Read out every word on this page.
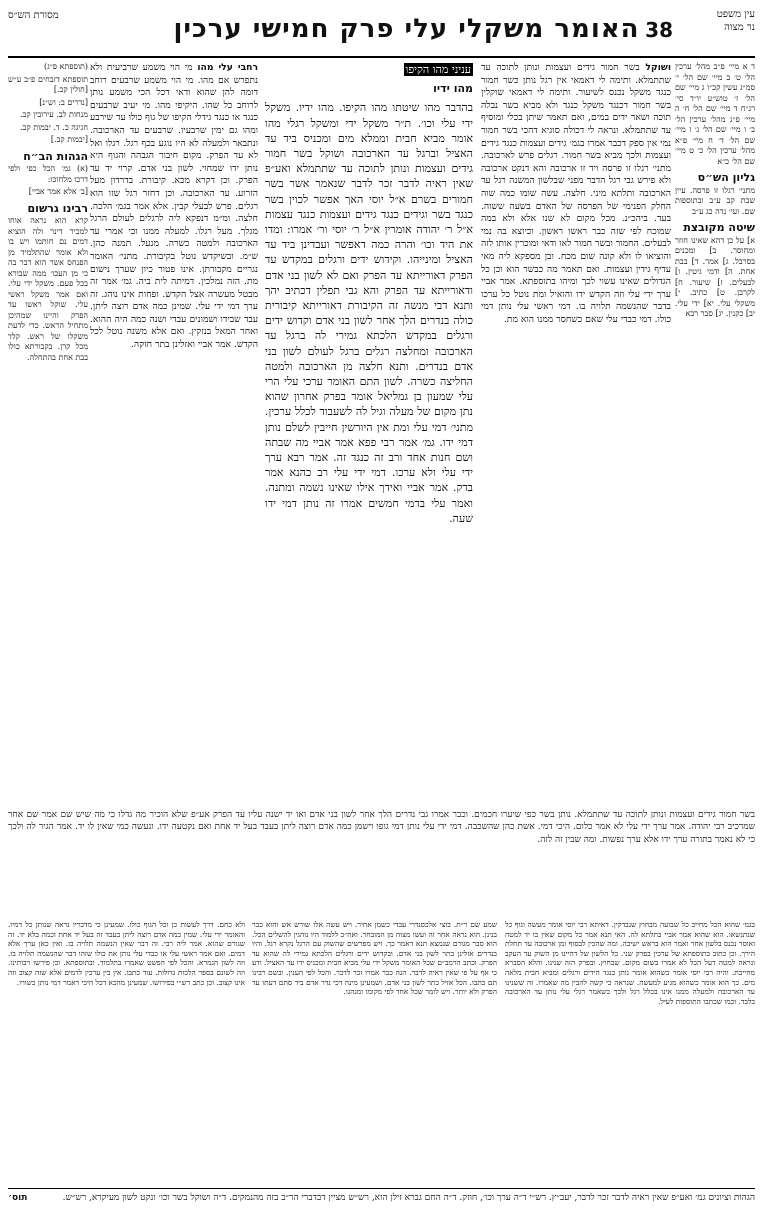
עין משפט
נר מצוה
38
האומר משקלי עלי פרק חמישי ערכין
מסורת הש״ס

ד א מיי׳ פ״ב מהל׳ ערכין הל׳ ט׳ ב מיי׳ שם הל׳ י׳ סמ״ג עשין קכ״ו ג מיי׳ שם הל׳ ז׳ טוש״ע יו״ד סי׳ רנ״ח ד מיי׳ שם הל׳ ח׳ ה מיי׳ פ״ג מהל׳ ערכין הל׳ ב׳ ו מיי׳ שם הל׳ ג׳ ז מיי׳ שם הל׳ ד׳ ח מיי׳ פ״א מהל׳ ערכין הל׳ כ׳ ט מיי׳ שם הל׳ כ״א

גליון הש״ס

מתני׳ רגלו זו פרסה. עיין שבת קב ע״ב ובתוספות שם. ועי׳ נדה כג ע״ב

שיטה מקובצת

א] על כן דהא שאינו חוזר ומחוסר. ב] ומכנים בסרבל. ג] אמר. ד] בבת אחת. ה] ודמי גיטין. ו] לבעלים. ז] שיעור. ח] לקרבן. ט] כתיב. י] משקלי עלי. יא] ידי עלי. יב] כקנין. יג] סבר רבא

ושוקל בשר חמור גידים ועצמות ונותן לתוכה עד שתתמלא. ותימה לי דאמאי אין רגל נותן כשר חמור כנגד משקל נכנס לשיעור. ותימה לי דאמאי שוקלין בשר חמור דכנגד משקל כנגד ולא מביא בשר נבלה תוכה ושאר ידים במים, ואם תאמר שיתן בכלי ומוסיף עד שתתמלא. ונראה לי דכולה סוגיא דהכי בשר חמור נמי אין ספק דכבר אמרו בגמ׳ גידים ועצמות כנגד גידים ועצמות ולכך מביא בשר חמור. רגלים פרש לארכובה. מתני׳ רגלו זו פרסה ויד זו ארכובה והא דנקט ארכובה ולא פירש גבי רגל הדבר מפני שבלשון המשנה רגל עד הארכובה ותלתא מיני. חלצה. עשה שומו כמה שוה החלק הפנימי של הפרסה של האדם בשעה ששוה. בעד. ביהכ״נ. מכל מקום לא שנו אלא ולא במה שמוכח לפי שזה כבר ראשו ראשון. וכיוצא בה נמי לבעלים. החמור ובשר חמור לאו ודאי ומוכרין אותו לזה והוציאו לו ולא קונה שום מכח. ובן מספקא ליה מאי עדיף גידין ועצמות. ואם תאמר מה כבשר הוא וכן כל הגדולים שאינו עשוי לכך ומיהו בתוספתא. אמר אביי ערך ידי עלי וזה הקדש ידו והואיל ומת נוטל כל ערכו בדבר שהנשמה תלויה בו. דמי ראשי עלי נותן דמי כולו. דמי כבדי עלי שאם כשחסר ממנו הוא מת.

עניני מהו הקיפו
מהו ידיו

בהדבר מהו שיטתו מהו הקיפו. מהו ידיו. משקל ידי עלי וכו׳. ת״ר משקל ידי ומשקל רגלי מהו אומר מביא חבית וממלא מים ומכניס ביד עד האציל וברגל עד הארכובה ושוקל בשר חמור גידים ועצמות ונותן לתוכה עד שתתמלא ואע״פ שאין ראיה לדבר זכר לדבר שנאמר אשר בשר חמורים בשרם א״ל יוסי האך אפשר לכוין בשר כנגד בשר וגידים כנגד גידים ועצמות כנגד עצמות א״ל ר׳ יהודה אומרין א״ל ר׳ יוסי ור׳ אמרו: ומדו את היד וכו׳ והרה כמה דאפשר ועבדינן ביד עד האציל ומינייהו. וקידוש ידים ורגלים במקדש עד הפרק דאורייתא עד הפרק ואם לא לשון בני אדם ודאורייתא עד הפרק והא גבי תפלין דכתיב יהך ותנא דבי מנשה זה הקיבורת דאורייתא קיבורית כולה בנדרים הלך אחר לשון בני אדם וקדוש ידים ורגלים במקדש הלכתא גמירי לה ברגל עד הארכובה ומחלצה רגלים ברגל לעולם לשון בני אדם בנדרים. ותנא חלצה מן הארכובה ולמטה החליצה כשרה. לשון התם האומר ערכי עלי הרי עלי שמעון בן גמליאל אומר בפרק אחרון שהוא נתן מקום של מעלה וגיל לה לשעבוד לכלל ערכין. מתני׳ דמי עלי ומת אין היורשין חייבין לשלם נותן דמי ידו. גמ׳ אמר רבי פפא אמר אביי מה שבתה ושם חנות אחד ורב זה כנגד זה. אמר רבא ערך ידי עלי ולא ערכו. דמי ידי עלי רב כהנא אמר בדק. אמר אביי ואידך אילו שאינו נשמה ומתנה. ואמר עלי בדמי חמשים אמרו זה נותן דמי ידו שעה.

רחבי עלי מהו מי הוי משמע שרביעית ולא נתפרש אם מהו. מי הוי משמע שרבעים רוחב דומה להן שהוא ודאי דכל הכי משמע נותן לרוחב כל שהו. היקיפי מהו. מי יעיב שרבעים כנגד או כנגד גידלי הקיפו של גוף כולו עד שירבע ומהו גם ימין שרבעיו. שרבעים עד הארכובה. ונתבאר ולמעלה לא היו נוגע בכף רגל. רגלו ואל לא עד הפרק. מקום חיבור הגבהה והגוף היא נותן ידו שמחוי. לשון בני אדם. קרוי יד עד הפרק. וכן דקרא מכא. קיבורת. בדרדון מעל הזרוע. עד הארכובה. וכן דחזר רגל שזו הוא רגלים. פרש לבעלי קבין. אלא אמר בגמ׳ הלכה. חלצה. ומ״מ דנפקא ליה לרגלים לעולם הרגל מגלך. מעל רגלו. למעלה ממנו וכי אמרי עד הארכובה ולמטה כשרה. מנעל. תמנה כהן. ש״מ. ובשיקדש נוטל בקיבורת. מתני׳ האומר נגריים מקבורתן. אינו פטור כיון שערך נישום מת. הזה נמלכין. דמיתה לית ביה. גמ׳ אמר זה מבטל מעשרה אצל הקדש. ופחות אינו נוהג. זה ערך דמי ידי עלי. שמינן כמה אדם רוצה ליתן. עבד שבידו ושמונים עבדי ושנה כמה היה ההוא. ואחר המאל בנזקין. ואם אלא משנה נוטל לכל הקדש. אמר אביי ואזלינן בתר חזקה.

(תוספתא פ״ג)

תוספתא דזבחים פ״ב ע״ש [חולין קכ.]

[נדרים ב: וש״נ]

מנחות לב. עירובין קב.

חגיגה כ. ד. יבמות קב.

[יבמות קב.]

הגהות הב״ח

(א) גמ׳ הכל כפי ולפי דרכו מלחוכו:

[ב׳ אלא אמר אביי]

רבינו גרשום

קרא הוא נראה אוחו למכיר דינר ולה הוציא דמים נם חותמו ויש בו ולא אומר שהתלמיד מן הפנחס אשר הוא דבר בה כי מן העכו׳ ממה שבורא בכל פעם. משקל ידי עלי. ואם אמר משקל ראשי עלי. שוקל ראשו עד הפרק והיינו שמהיכן מתחיל הראש. כדי לדעת משקלו של ראש. קלד מכל קרן. בקבורתא כולו בבת אחת בהתחלה.

בשר חמור גידים ועצמות ונותן לתוכה עד שתתמלא. נותן בשר כפי שיערו חכמים. וכבר אמרו גבי נדרים הלך אחר לשון בני אדם ואו יד ישנה עליו עד הפרק אע״פ שלא הוכיר מה גדלו כי מה שיש שם אמר שם אחר שמרכיב רבי יהודה. אמר ערך ידי עלי לא אמר כלום. היכי דמי. אשת כהן שהשכבה. דמי ידי עלי נותן דמי גופו וישמן כמה אדם רוצה ליתן בעבד בעל יד אחת ואם נקטעה ידו. ונעשה כמי שאין לו יד. אמר הגיר לה ולכך כי לא נאמר בתורה ערך ידו אלא ערך נפשות. ומה שבין זה לזה.

בגמ׳ שהוא הכל מחייב כל שבועה מבחוץ שנבדקין. דאיתא רבי יוסי אומר מעשה וגוף כל שנתנשאו. הוא שהוא אמר אביי בתלתא לה. האי תנא אמר כל מקום שאין בו יד למטה ואוסר נכנס בלשון אחר ואמר הוא בראש ישיבה. ומה שהכין לבסוף ומן ארכובה עד תחלת הירך. וכן כתוב בתוספתא של ערכין בפרק שני. כל הלשון של דהיינו מן השוק עד העקב ונראה למטה דעל הכל לא אמרו בשום מקום. שבחוץ. ובפרק הזה שנינו. והלא הסברא מחייבת. והיה רבי יוסי אומר כשהוא אומר נותן כנגד הידים ורגלים ומביא חבית מלאה מים. כך הוא אומר כשהוא מגיע למעשה. שנראה כי קשה להבין מה שאמרו. זה ששנינו עד הארכובה ולמעלה ממנו אינו בכלל רגל ולכך כשאמר רגלי עלי נותן עד הארכובה בלבד. וכמו שכתבו התוספות לעיל.
שמע שם ר״ת. בוצי אלכסנדרי עבדי כשמן אחיר. ויש עשה אלו שורש אש והוא כבר בנינן. הוא נראה אחר זה ועשו מצוה מן המובחר. ואח״כ ללמוד היו נוהגין להשלים הכל. הוא סבר מגורם שנמצא תנא דאמר כך. ויש מפרשים שהשוק עם הרגל נקרא רגל. והיו בנדרים אזלינן בתר לשון בני אדם. ובקדוש ידים ורגלים הלכתא גמירי לה שהוא עד הפרק. וכתב הרמב״ם שכל האומר משקל ידי עלי מביא חבית ומכניס ידו עד האציל. ודע כי אף על פי שאין ראיה לדבר. הנה כבר אמרו זכר לדבר. והכל לפי הענין. ובשם רבינו תם כתבו. הכל אזיל בתר לשון בני אדם. ושמעינן מינה דכי נדר אדם ביד סתם דעתו עד הפרק ולא יותר. ויש לומר שכל אחד לפי מקומו ומנהגו.
ולא כחם. דרך לעשות כן וכל הגוף כולו. שמעינן כי מדבריו נראה שנותן כל דמיו. והאומר ידי עלי. שמין כמה אדם רוצה ליתן בעבד זה בעל יד אחת וכמה בלא יד. זה שגורם שהוא. אמר ליה רבי. זה דבר שאין הנשמה תלויה בו. ואין כאן ערך אלא דמים. ואם אמר ראשי עלי או כבדי עלי נותן את כולו שזהו דבר שהנשמה תלויה בו. וזה לשון הגמרא. והכל לפי הפשט שאמרו בתלמוד. ובתוספתא. וכן פירשו רבותינו. וזה לשונם בספר הלכות גדולות. עוד כתבו. אין בין ערכין לדמים אלא שזה קצוב וזה אינו קצוב. וכן כתב רש״י בפירושו. שמעינן מהכא דכל היכי דאמר דמי נותן כשוויו.
הגהות וציונים גמ׳ ואע״פ שאין ראיה לדבר זכר לדבר, יעב״ץ. רש״י ד״ה ערך וכו׳, חוזק. ד״ה החם גברא זילן הוא, רש״ש מציין דבדברי הר״ב בזה מהנמקים. ד״ה ושוקל בשר וכו׳ ונקט לשון מעיקרא, רש״ש.
תוס׳
